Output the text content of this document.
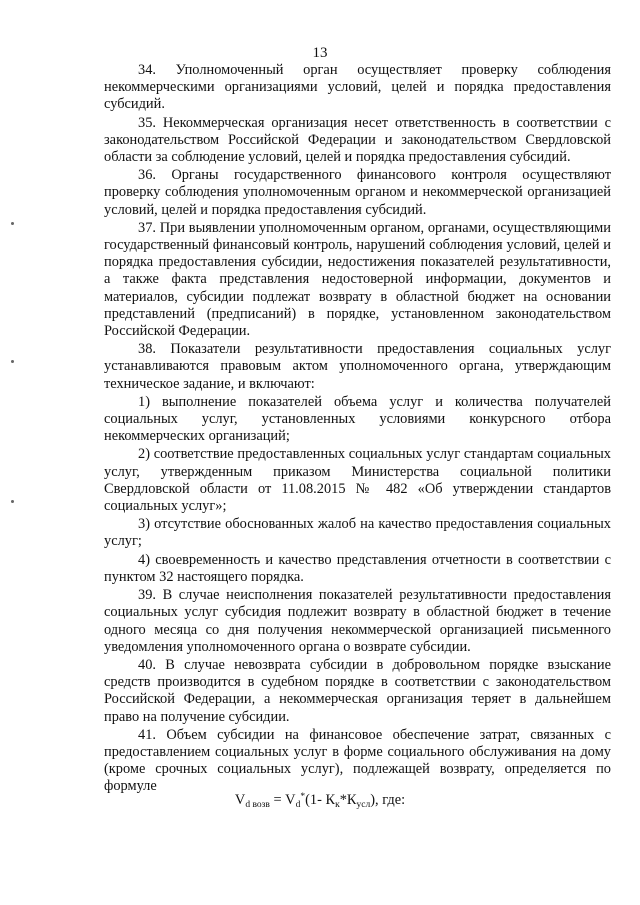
13

34. Уполномоченный орган осуществляет проверку соблюдения некоммерческими организациями условий, целей и порядка предоставления субсидий.

35. Некоммерческая организация несет ответственность в соответствии с законодательством Российской Федерации и законодательством Свердловской области за соблюдение условий, целей и порядка предоставления субсидий.

36. Органы государственного финансового контроля осуществляют проверку соблюдения уполномоченным органом и некоммерческой организацией условий, целей и порядка предоставления субсидий.

37. При выявлении уполномоченным органом, органами, осуществляющими государственный финансовый контроль, нарушений соблюдения условий, целей и порядка предоставления субсидии, недостижения показателей результативности, а также факта представления недостоверной информации, документов и материалов, субсидии подлежат возврату в областной бюджет на основании представлений (предписаний) в порядке, установленном законодательством Российской Федерации.

38. Показатели результативности предоставления социальных услуг устанавливаются правовым актом уполномоченного органа, утверждающим техническое задание, и включают:

1) выполнение показателей объема услуг и количества получателей социальных услуг, установленных условиями конкурсного отбора некоммерческих организаций;

2) соответствие предоставленных социальных услуг стандартам социальных услуг, утвержденным приказом Министерства социальной политики Свердловской области от 11.08.2015 № 482 «Об утверждении стандартов социальных услуг»;

3) отсутствие обоснованных жалоб на качество предоставления социальных услуг;

4) своевременность и качество представления отчетности в соответствии с пунктом 32 настоящего порядка.

39. В случае неисполнения показателей результативности предоставления социальных услуг субсидия подлежит возврату в областной бюджет в течение одного месяца со дня получения некоммерческой организацией письменного уведомления уполномоченного органа о возврате субсидии.

40. В случае невозврата субсидии в добровольном порядке взыскание средств производится в судебном порядке в соответствии с законодательством Российской Федерации, а некоммерческая организация теряет в дальнейшем право на получение субсидии.

41. Объем субсидии на финансовое обеспечение затрат, связанных с предоставлением социальных услуг в форме социального обслуживания на дому (кроме срочных социальных услуг), подлежащей возврату, определяется по формуле

$V_{d возв} = V_d^*(1-$ $К_к*К_{усл}$), где:
